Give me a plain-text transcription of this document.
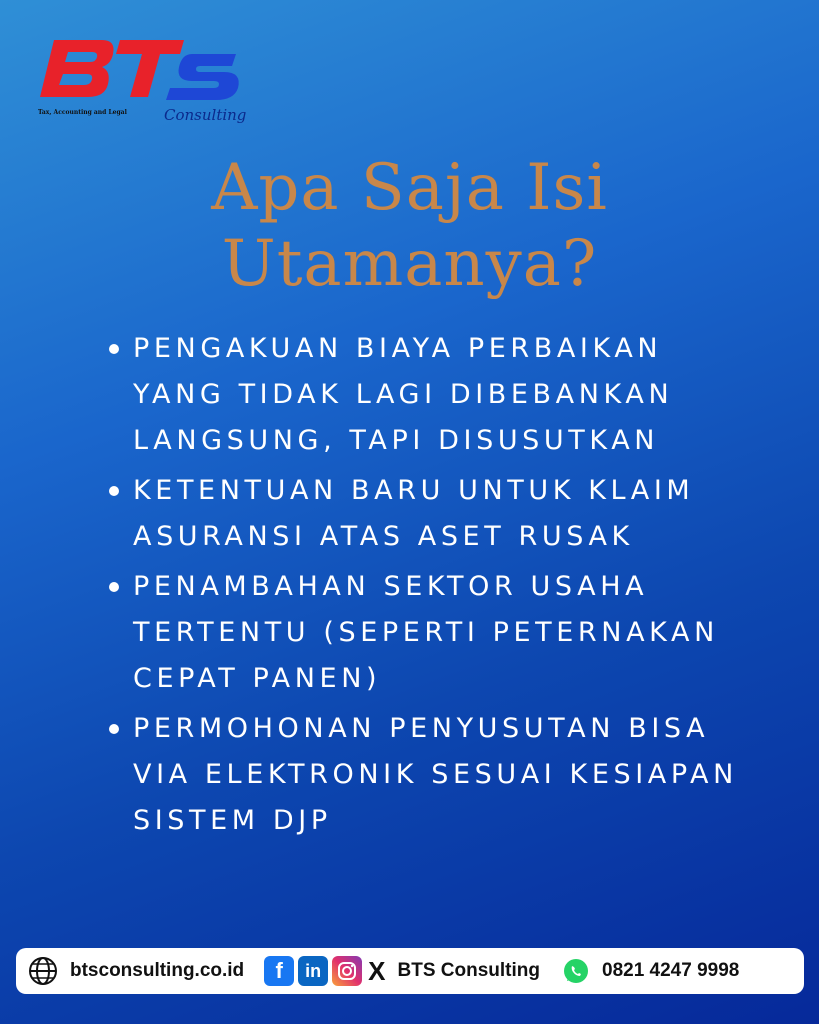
Tax, Accounting and Legal Consulting
Apa Saja Isi
Utamanya?
PENGAKUAN BIAYA PERBAIKAN YANG TIDAK LAGI DIBEBANKAN LANGSUNG, TAPI DISUSUTKAN
KETENTUAN BARU UNTUK KLAIM ASURANSI ATAS ASET RUSAK
PENAMBAHAN SEKTOR USAHA TERTENTU (SEPERTI PETERNAKAN CEPAT PANEN)
PERMOHONAN PENYUSUTAN BISA VIA ELEKTRONIK SESUAI KESIAPAN SISTEM DJP
btsconsulting.co.id	f	in X BTS Consulting	0821 4247 9998
